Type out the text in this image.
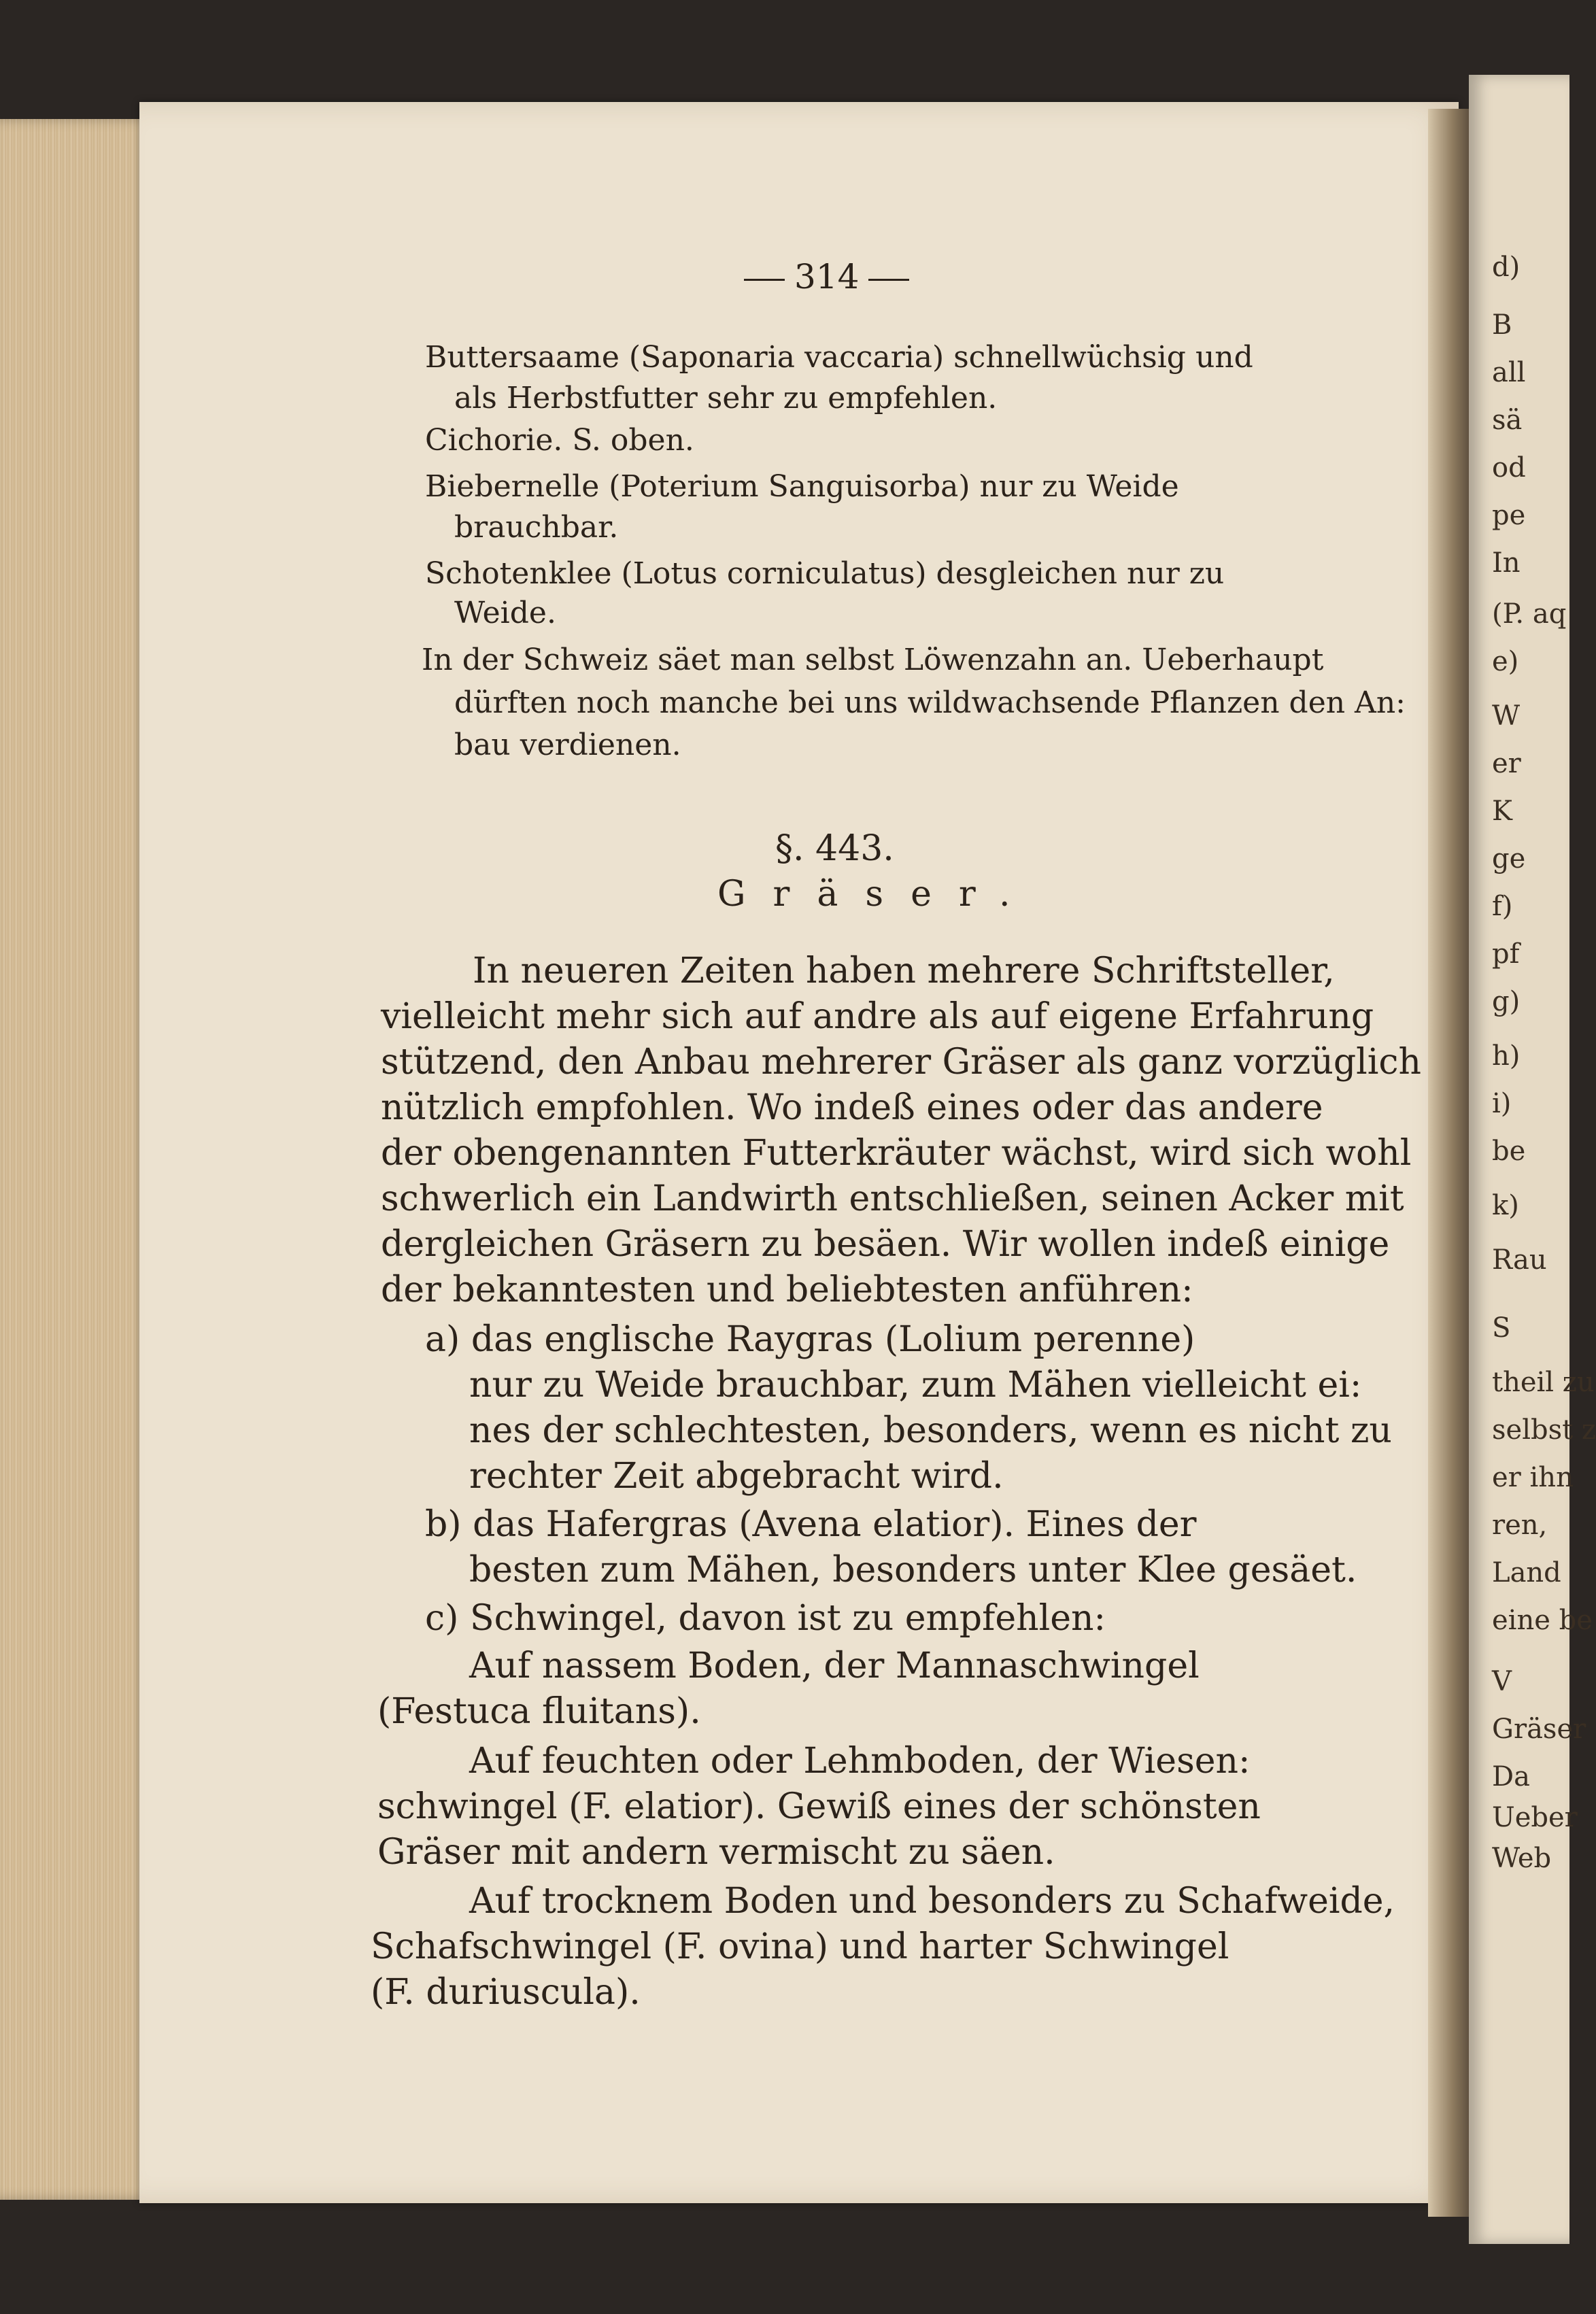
d)
B
all
sä
od
pe
In
(P. aq
e)
W
er
K
ge
f)
pf
g)
h)
i)
be
k)
Rau
S
theil zu
selbst z
er ihn
ren,
Land
eine be
V
Gräser
Da
Ueber
Web
314
Buttersaame (Saponaria vaccaria) schnellwüchsig und
als Herbstfutter sehr zu empfehlen.
Cichorie. S. oben.
Biebernelle (Poterium Sanguisorba) nur zu Weide
brauchbar.
Schotenklee (Lotus corniculatus) desgleichen nur zu
Weide.
In der Schweiz säet man selbst Löwenzahn an. Ueberhaupt
dürften noch manche bei uns wildwachsende Pflanzen den An:
bau verdienen.
§. 443.
Gräser.
In neueren Zeiten haben mehrere Schriftsteller,
vielleicht mehr sich auf andre als auf eigene Erfahrung
stützend, den Anbau mehrerer Gräser als ganz vorzüglich
nützlich empfohlen. Wo indeß eines oder das andere
der obengenannten Futterkräuter wächst, wird sich wohl
schwerlich ein Landwirth entschließen, seinen Acker mit
dergleichen Gräsern zu besäen. Wir wollen indeß einige
der bekanntesten und beliebtesten anführen:
a) das englische Raygras (Lolium perenne)
nur zu Weide brauchbar, zum Mähen vielleicht ei:
nes der schlechtesten, besonders, wenn es nicht zu
rechter Zeit abgebracht wird.
b) das Hafergras (Avena elatior). Eines der
besten zum Mähen, besonders unter Klee gesäet.
c) Schwingel, davon ist zu empfehlen:
Auf nassem Boden, der Mannaschwingel
(Festuca fluitans).
Auf feuchten oder Lehmboden, der Wiesen:
schwingel (F. elatior). Gewiß eines der schönsten
Gräser mit andern vermischt zu säen.
Auf trocknem Boden und besonders zu Schafweide,
Schafschwingel (F. ovina) und harter Schwingel
(F. duriuscula).
